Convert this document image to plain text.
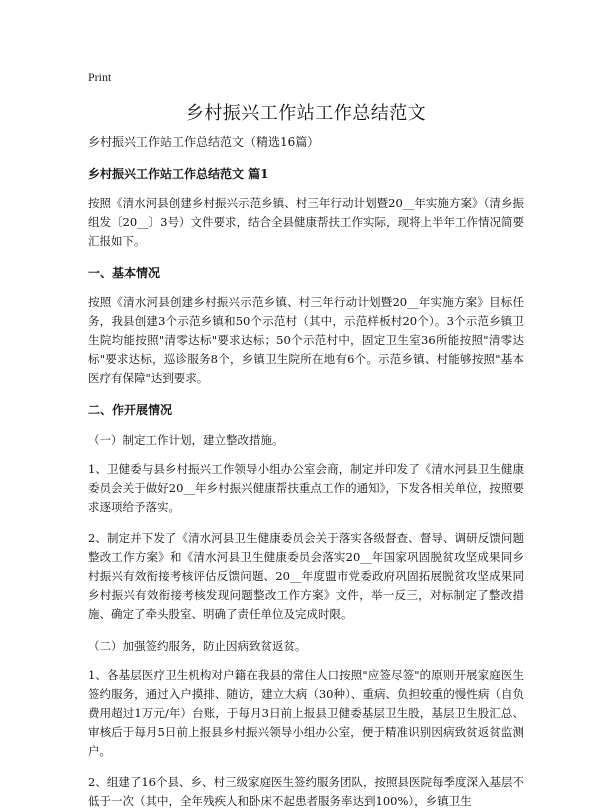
Print
乡村振兴工作站工作总结范文

乡村振兴工作站工作总结范文（精选16篇）

乡村振兴工作站工作总结范文 篇1

按照《清水河县创建乡村振兴示范乡镇、村三年行动计划暨20__年实施方案》（清乡振组发〔20__〕3号）文件要求，结合全县健康帮扶工作实际，现将上半年工作情况简要汇报如下。

一、基本情况

按照《清水河县创建乡村振兴示范乡镇、村三年行动计划暨20__年实施方案》目标任务，我县创建3个示范乡镇和50个示范村（其中，示范样板村20个）。3个示范乡镇卫生院均能按照"清零达标"要求达标；50个示范村中，固定卫生室36所能按照"清零达标"要求达标，巡诊服务8个，乡镇卫生院所在地有6个。示范乡镇、村能够按照"基本医疗有保障"达到要求。

二、作开展情况

（一）制定工作计划，建立整改措施。

1、卫健委与县乡村振兴工作领导小组办公室会商，制定并印发了《清水河县卫生健康委员会关于做好20__年乡村振兴健康帮扶重点工作的通知》，下发各相关单位，按照要求逐项给予落实。

2、制定并下发了《清水河县卫生健康委员会关于落实各级督查、督导、调研反馈问题整改工作方案》和《清水河县卫生健康委员会落实20__年国家巩固脱贫攻坚成果同乡村振兴有效衔接考核评估反馈问题、20__年度盟市党委政府巩固拓展脱贫攻坚成果同乡村振兴有效衔接考核发现问题整改工作方案》文件，举一反三，对标制定了整改措施、确定了牵头股室、明确了责任单位及完成时限。

（二）加强签约服务，防止因病致贫返贫。

1、各基层医疗卫生机构对户籍在我县的常住人口按照"应签尽签"的原则开展家庭医生签约服务，通过入户摸排、随访，建立大病（30种）、重病、负担较重的慢性病（自负费用超过1万元/年）台账，于每月3日前上报县卫健委基层卫生股，基层卫生股汇总、审核后于每月5日前上报县乡村振兴领导小组办公室，便于精准识别因病致贫返贫监测户。

2、组建了16个县、乡、村三级家庭医生签约服务团队，按照县医院每季度深入基层不低于一次（其中，全年残疾人和卧床不起患者服务率达到100%），乡镇卫生
